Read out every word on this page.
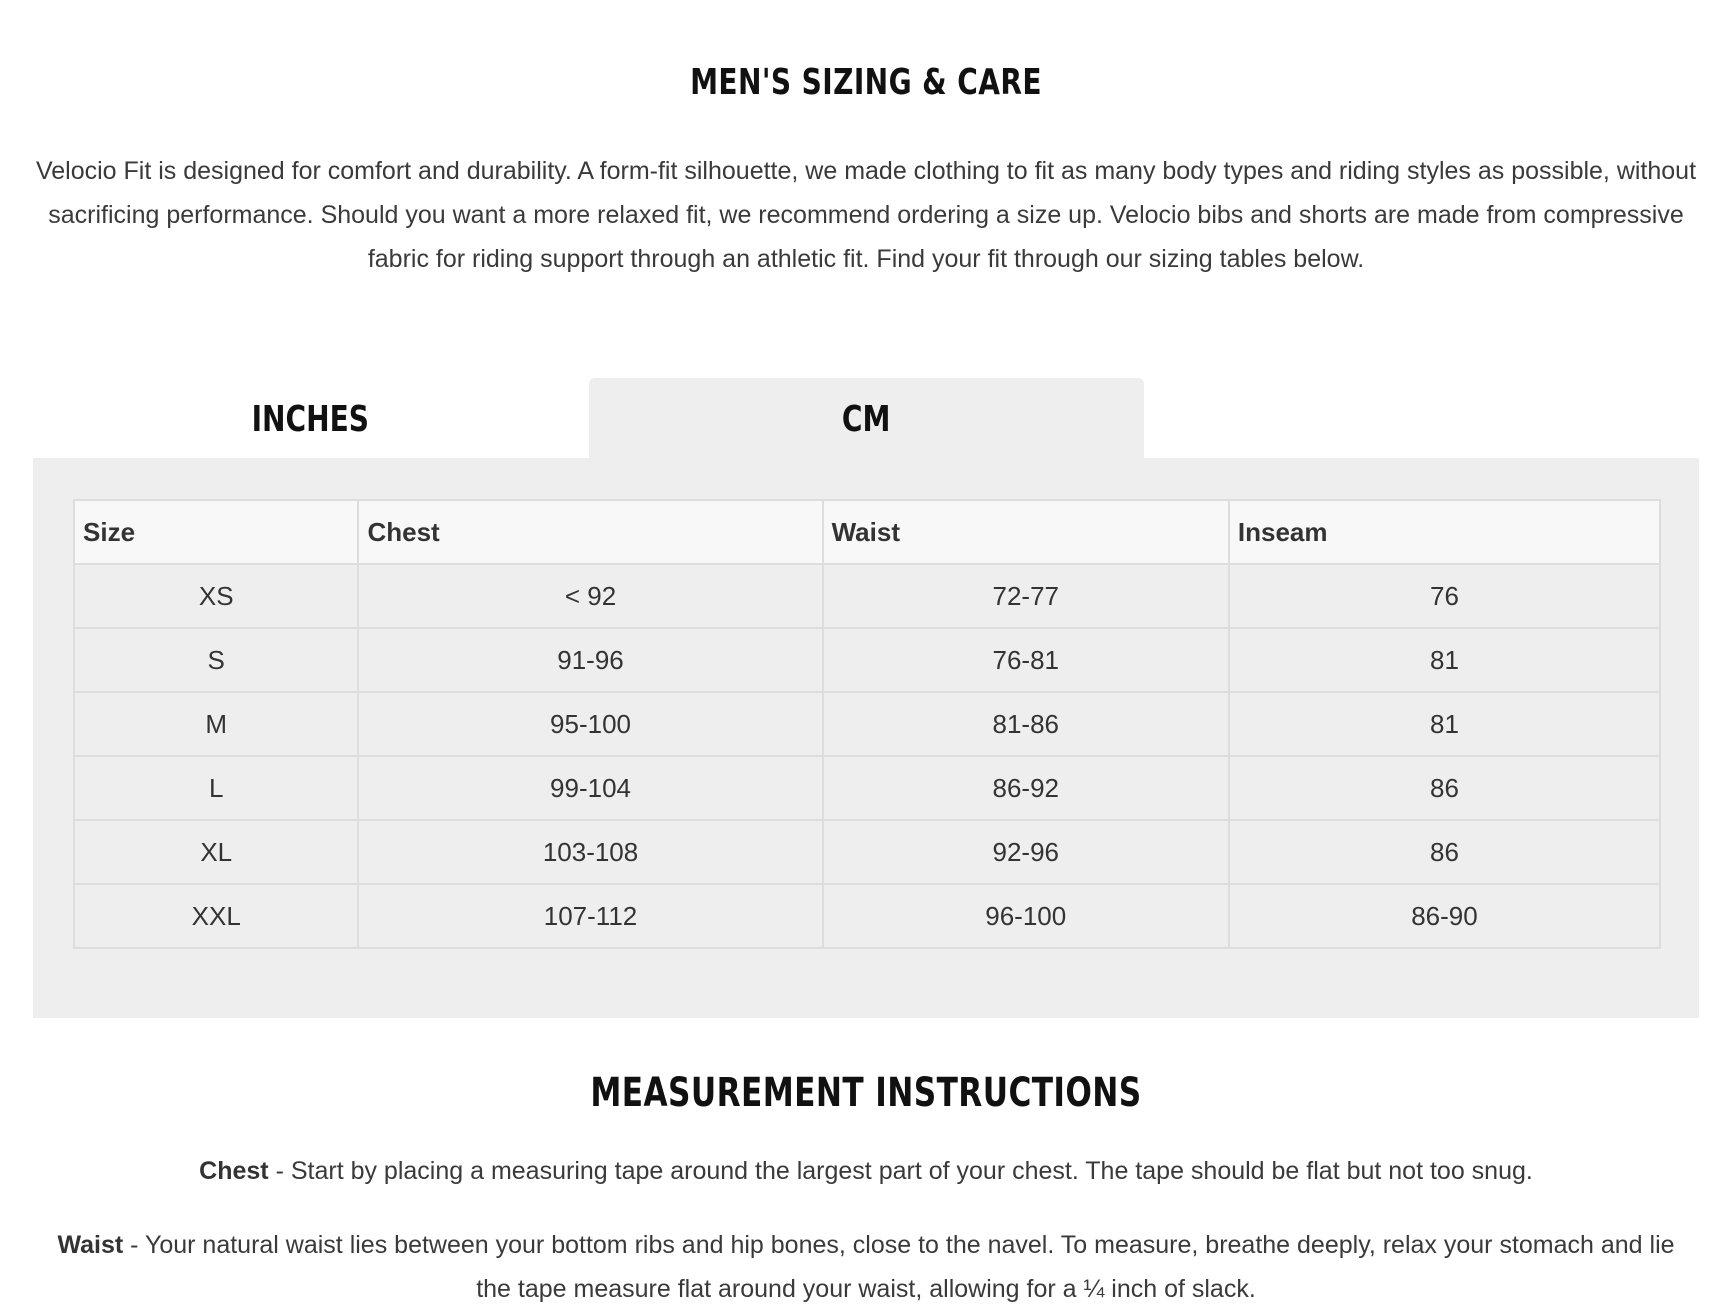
MEN'S SIZING & CARE

Velocio Fit is designed for comfort and durability. A form-fit silhouette, we made clothing to fit as many body types and riding styles as possible, without sacrificing performance. Should you want a more relaxed fit, we recommend ordering a size up. Velocio bibs and shorts are made from compressive fabric for riding support through an athletic fit. Find your fit through our sizing tables below.

INCHES	CM
Size	Chest	Waist	Inseam
XS	< 92	72-77	76
S	91-96	76-81	81
M	95-100	81-86	81
L	99-104	86-92	86
XL	103-108	92-96	86
XXL	107-112	96-100	86-90
MEASUREMENT INSTRUCTIONS

Chest - Start by placing a measuring tape around the largest part of your chest. The tape should be flat but not too snug.

Waist - Your natural waist lies between your bottom ribs and hip bones, close to the navel. To measure, breathe deeply, relax your stomach and lie the tape measure flat around your waist, allowing for a ¼ inch of slack.
